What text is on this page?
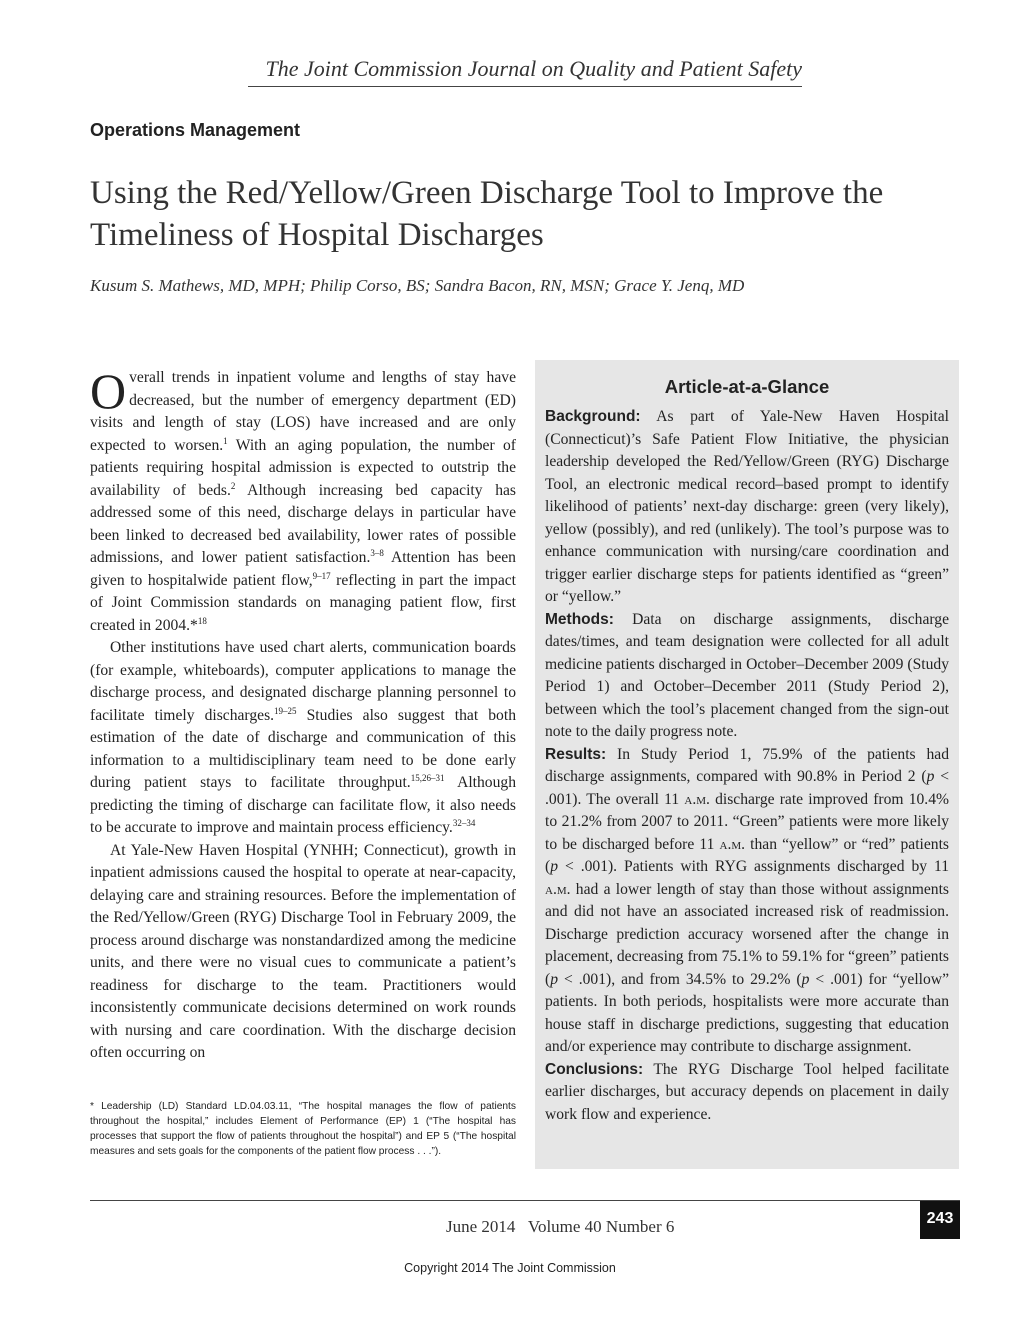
The Joint Commission Journal on Quality and Patient Safety
Operations Management
Using the Red/Yellow/Green Discharge Tool to Improve the Timeliness of Hospital Discharges
Kusum S. Mathews, MD, MPH; Philip Corso, BS; Sandra Bacon, RN, MSN; Grace Y. Jenq, MD

Overall trends in inpatient volume and lengths of stay have decreased, but the number of emergency department (ED) visits and length of stay (LOS) have increased and are only expected to worsen.$^1$ With an aging population, the number of patients requiring hospital admission is expected to outstrip the availability of beds.$^2$ Although increasing bed capacity has addressed some of this need, discharge delays in particular have been linked to decreased bed availability, lower rates of possible admissions, and lower patient satisfaction.$^{3-8}$ Attention has been given to hospitalwide patient flow,$^{9-17}$ reflecting in part the impact of Joint Commission standards on managing patient flow, first created in 2004.*$^{18}$

Other institutions have used chart alerts, communication boards (for example, whiteboards), computer applications to manage the discharge process, and designated discharge planning personnel to facilitate timely discharges.$^{19-25}$ Studies also suggest that both estimation of the date of discharge and communication of this information to a multidisciplinary team need to be done early during patient stays to facilitate throughput.$^{15,26-31}$ Although predicting the timing of discharge can facilitate flow, it also needs to be accurate to improve and maintain process efficiency.$^{32-34}$

At Yale-New Haven Hospital (YNHH; Connecticut), growth in inpatient admissions caused the hospital to operate at near-capacity, delaying care and straining resources. Before the implementation of the Red/Yellow/Green (RYG) Discharge Tool in February 2009, the process around discharge was nonstandardized among the medicine units, and there were no visual cues to communicate a patient’s readiness for discharge to the team. Practitioners would inconsistently communicate decisions determined on work rounds with nursing and care coordination. With the discharge decision often occurring on

* Leadership (LD) Standard LD.04.03.11, “The hospital manages the flow of patients throughout the hospital,” includes Element of Performance (EP) 1 (“The hospital has processes that support the flow of patients throughout the hospital”) and EP 5 (“The hospital measures and sets goals for the components of the patient flow process . . .”).
Article-at-a-Glance

Background: As part of Yale-New Haven Hospital (Connecticut)’s Safe Patient Flow Initiative, the physician leadership developed the Red/Yellow/Green (RYG) Discharge Tool, an electronic medical record–based prompt to identify likelihood of patients’ next-day discharge: green (very likely), yellow (possibly), and red (unlikely). The tool’s purpose was to enhance communication with nursing/care coordination and trigger earlier discharge steps for patients identified as “green” or “yellow.”

Methods: Data on discharge assignments, discharge dates/times, and team designation were collected for all adult medicine patients discharged in October–December 2009 (Study Period 1) and October–December 2011 (Study Period 2), between which the tool’s placement changed from the sign-out note to the daily progress note.

Results: In Study Period 1, 75.9% of the patients had discharge assignments, compared with 90.8% in Period 2 (p < .001). The overall 11 a.m. discharge rate improved from 10.4% to 21.2% from 2007 to 2011. “Green” patients were more likely to be discharged before 11 a.m. than “yellow” or “red” patients (p < .001). Patients with RYG assignments discharged by 11 a.m. had a lower length of stay than those without assignments and did not have an associated increased risk of readmission. Discharge prediction accuracy worsened after the change in placement, decreasing from 75.1% to 59.1% for “green” patients (p < .001), and from 34.5% to 29.2% (p < .001) for “yellow” patients. In both periods, hospitalists were more accurate than house staff in discharge predictions, suggesting that education and/or experience may contribute to discharge assignment.

Conclusions: The RYG Discharge Tool helped facilitate earlier discharges, but accuracy depends on placement in daily work flow and experience.

June 2014   Volume 40 Number 6	243
Copyright 2014 The Joint Commission
